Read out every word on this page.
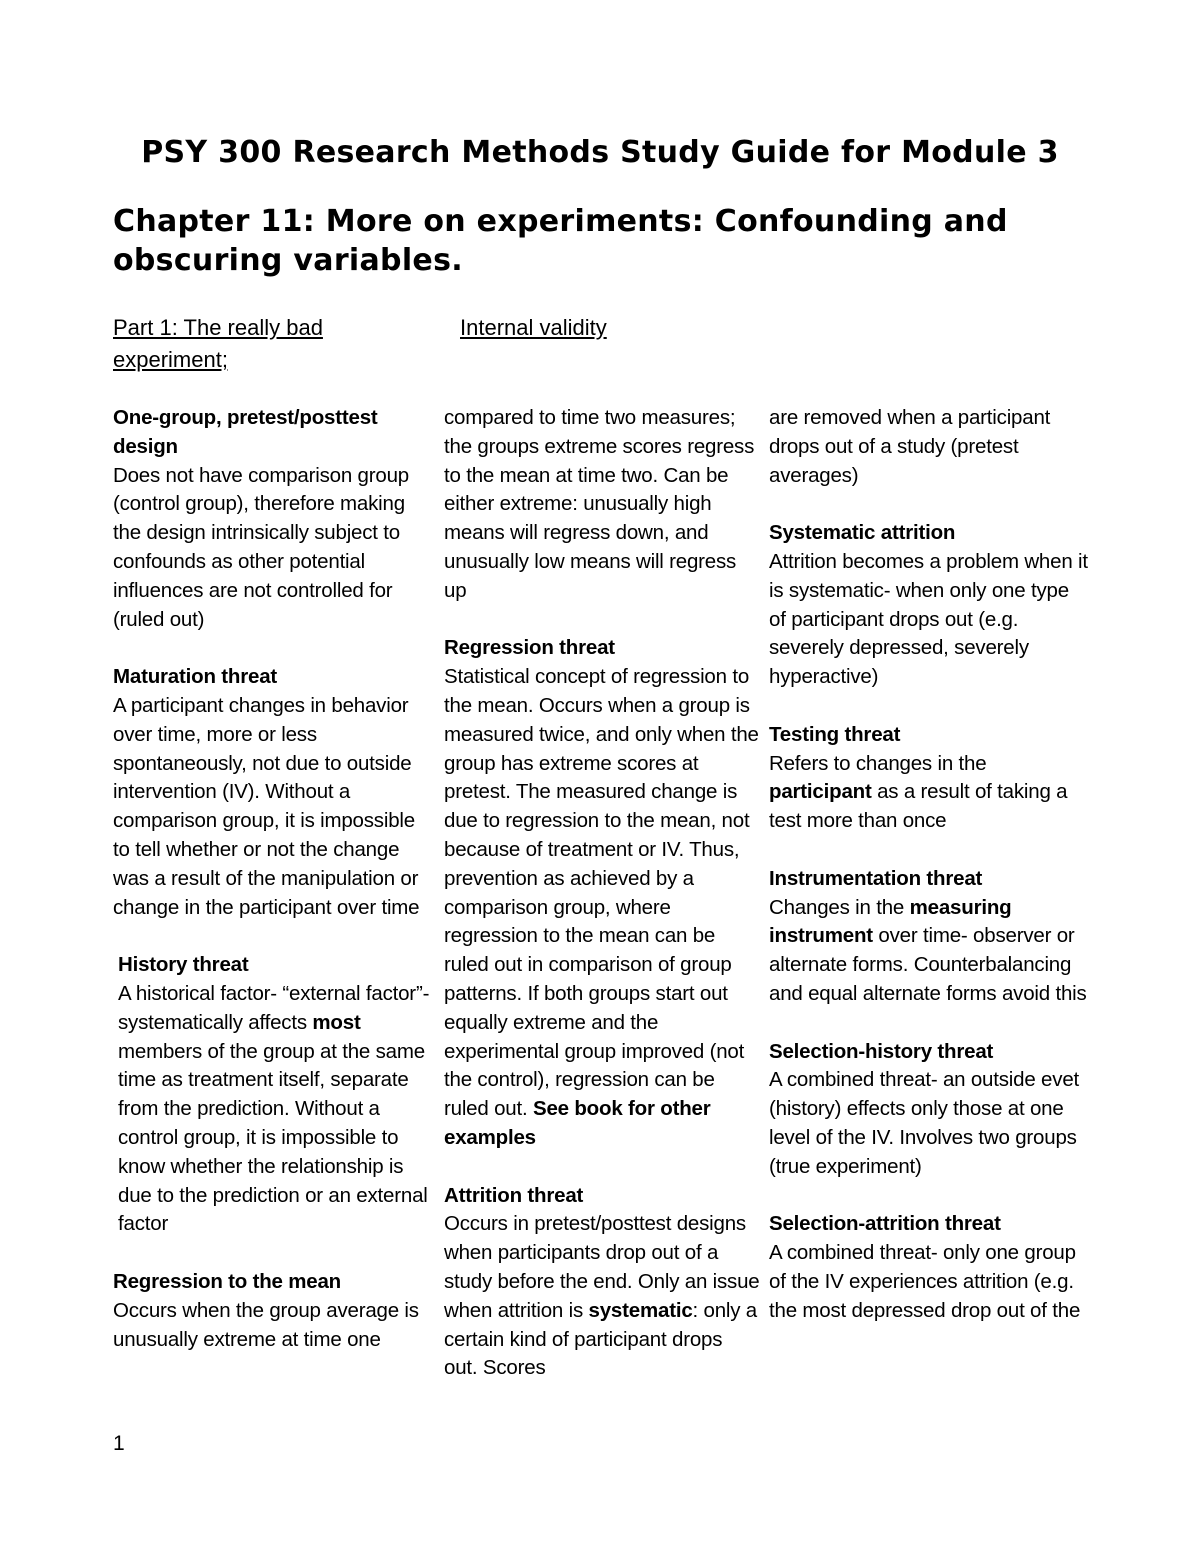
PSY 300 Research Methods Study Guide for Module 3
Chapter 11: More on experiments: Confounding and obscuring variables.
Part 1: The really bad experiment;
Internal validity
One-group, pretest/posttest design

Does not have comparison group (control group), therefore making the design intrinsically subject to confounds as other potential influences are not controlled for (ruled out)

Maturation threat

A participant changes in behavior over time, more or less spontaneously, not due to outside intervention (IV). Without a comparison group, it is impossible to tell whether or not the change was a result of the manipulation or change in the participant over time

History threat

A historical factor- “external factor”- systematically affects most members of the group at the same time as treatment itself, separate from the prediction. Without a control group, it is impossible to know whether the relationship is due to the prediction or an external factor

Regression to the mean

Occurs when the group average is unusually extreme at time one

compared to time two measures; the groups extreme scores regress to the mean at time two. Can be either extreme: unusually high means will regress down, and unusually low means will regress up

Regression threat

Statistical concept of regression to the mean. Occurs when a group is measured twice, and only when the group has extreme scores at pretest. The measured change is due to regression to the mean, not because of treatment or IV. Thus, prevention as achieved by a comparison group, where regression to the mean can be ruled out in comparison of group patterns. If both groups start out equally extreme and the experimental group improved (not the control), regression can be ruled out. See book for other examples

Attrition threat

Occurs in pretest/posttest designs when participants drop out of a study before the end. Only an issue when attrition is systematic: only a certain kind of participant drops out. Scores

are removed when a participant drops out of a study (pretest averages)

Systematic attrition

Attrition becomes a problem when it is systematic- when only one type of participant drops out (e.g. severely depressed, severely hyperactive)

Testing threat

Refers to changes in the participant as a result of taking a test more than once

Instrumentation threat

Changes in the measuring instrument over time- observer or alternate forms. Counterbalancing and equal alternate forms avoid this

Selection-history threat

A combined threat- an outside evet (history) effects only those at one level of the IV. Involves two groups

(true experiment)

Selection-attrition threat

A combined threat- only one group of the IV experiences attrition (e.g. the most depressed drop out of the

1
